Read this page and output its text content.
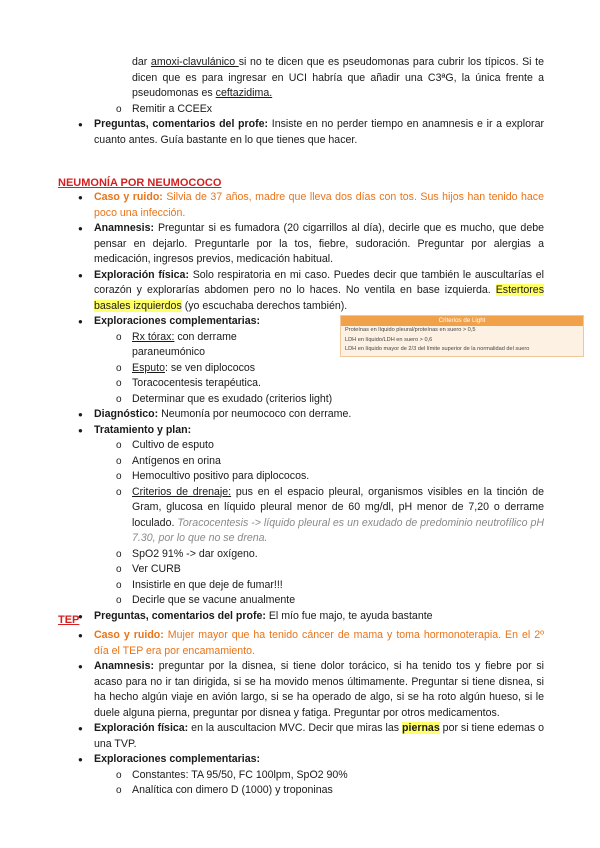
dar amoxi-clavulánico si no te dicen que es pseudomonas para cubrir los típicos. Si te dicen que es para ingresar en UCI habría que añadir una C3ªG, la única frente a pseudomonas es ceftazidima.
o Remitir a CCEEx
● Preguntas, comentarios del profe: Insiste en no perder tiempo en anamnesis e ir a explorar cuanto antes. Guía bastante en lo que tienes que hacer.
NEUMONÍA POR NEUMOCOCO
● Caso y ruido: Silvia de 37 años, madre que lleva dos días con tos. Sus hijos han tenido hace poco una infección.
● Anamnesis: Preguntar si es fumadora (20 cigarrillos al día), decirle que es mucho, que debe pensar en dejarlo. Preguntarle por la tos, fiebre, sudoración. Preguntar por alergias a medicación, ingresos previos, medicación habitual.
● Exploración física: Solo respiratoria en mi caso. Puedes decir que también le auscultarías el corazón y explorarías abdomen pero no lo haces. No ventila en base izquierda. Estertores basales izquierdos (yo escuchaba derechos también).
● Exploraciones complementarias:
o Rx tórax: con derrame paraneumónico
o Esputo: se ven diplococos
o Toracocentesis terapéutica.
o Determinar que es exudado (criterios light)
● Diagnóstico: Neumonía por neumococo con derrame.
● Tratamiento y plan:
o Cultivo de esputo
o Antígenos en orina
o Hemocultivo positivo para diplococos.
o Criterios de drenaje: pus en el espacio pleural, organismos visibles en la tinción de Gram, glucosa en líquido pleural menor de 60 mg/dl, pH menor de 7,20 o derrame loculado. Toracocentesis -> líquido pleural es un exudado de predominio neutrofílico pH 7.30, por lo que no se drena.
o SpO2 91% -> dar oxígeno.
o Ver CURB
o Insistirle en que deje de fumar!!!
o Decirle que se vacune anualmente
● Preguntas, comentarios del profe: El mío fue majo, te ayuda bastante
Criterios de Light
Proteínas en líquido pleural/proteínas en suero > 0,5
LDH en líquido/LDH en suero > 0,6
LDH en líquido mayor de 2/3 del límite superior de la normalidad del suero
TEP
● Caso y ruido: Mujer mayor que ha tenido cáncer de mama y toma hormonoterapia. En el 2º día el TEP era por encamamiento.
● Anamnesis: preguntar por la disnea, si tiene dolor torácico, si ha tenido tos y fiebre por si acaso para no ir tan dirigida, si se ha movido menos últimamente. Preguntar si tiene disnea, si ha hecho algún viaje en avión largo, si se ha operado de algo, si se ha roto algún hueso, si le duele alguna pierna, preguntar por disnea y fatiga. Preguntar por otros medicamentos.
● Exploración física: en la auscultacion MVC. Decir que miras las piernas por si tiene edemas o una TVP.
● Exploraciones complementarias:
o Constantes: TA 95/50, FC 100lpm, SpO2 90%
o Analítica con dimero D (1000) y troponinas
